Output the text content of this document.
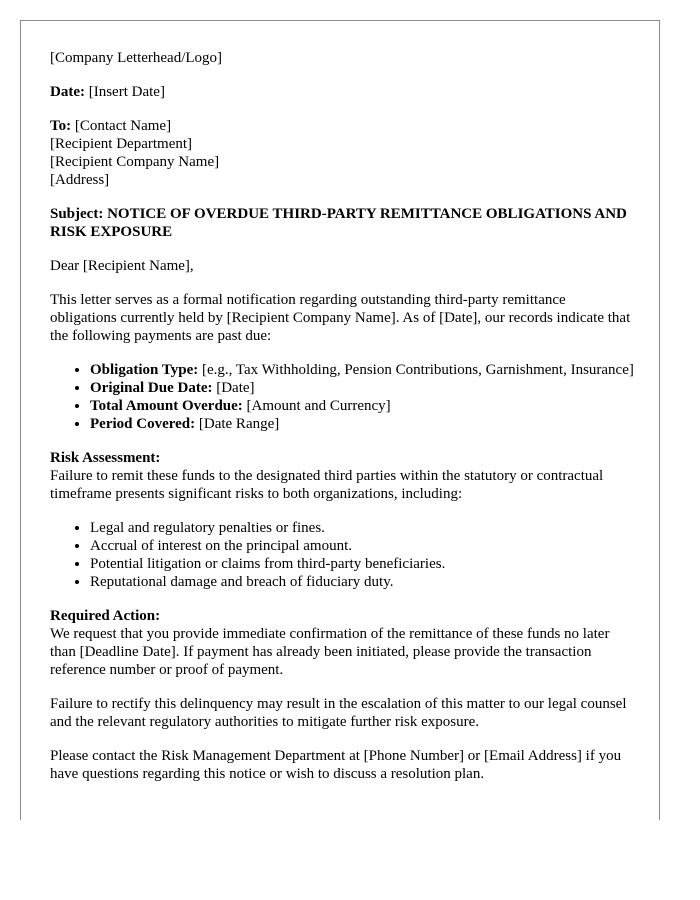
[Company Letterhead/Logo]
Date: [Insert Date]
To: [Contact Name]
[Recipient Department]
[Recipient Company Name]
[Address]
Subject: NOTICE OF OVERDUE THIRD-PARTY REMITTANCE OBLIGATIONS AND RISK EXPOSURE
Dear [Recipient Name],
This letter serves as a formal notification regarding outstanding third-party remittance obligations currently held by [Recipient Company Name]. As of [Date], our records indicate that the following payments are past due:
• Obligation Type: [e.g., Tax Withholding, Pension Contributions, Garnishment, Insurance]
• Original Due Date: [Date]
• Total Amount Overdue: [Amount and Currency]
• Period Covered: [Date Range]
Risk Assessment:
Failure to remit these funds to the designated third parties within the statutory or contractual timeframe presents significant risks to both organizations, including:
• Legal and regulatory penalties or fines.
• Accrual of interest on the principal amount.
• Potential litigation or claims from third-party beneficiaries.
• Reputational damage and breach of fiduciary duty.
Required Action:
We request that you provide immediate confirmation of the remittance of these funds no later than [Deadline Date]. If payment has already been initiated, please provide the transaction reference number or proof of payment.
Failure to rectify this delinquency may result in the escalation of this matter to our legal counsel and the relevant regulatory authorities to mitigate further risk exposure.
Please contact the Risk Management Department at [Phone Number] or [Email Address] if you have questions regarding this notice or wish to discuss a resolution plan.
